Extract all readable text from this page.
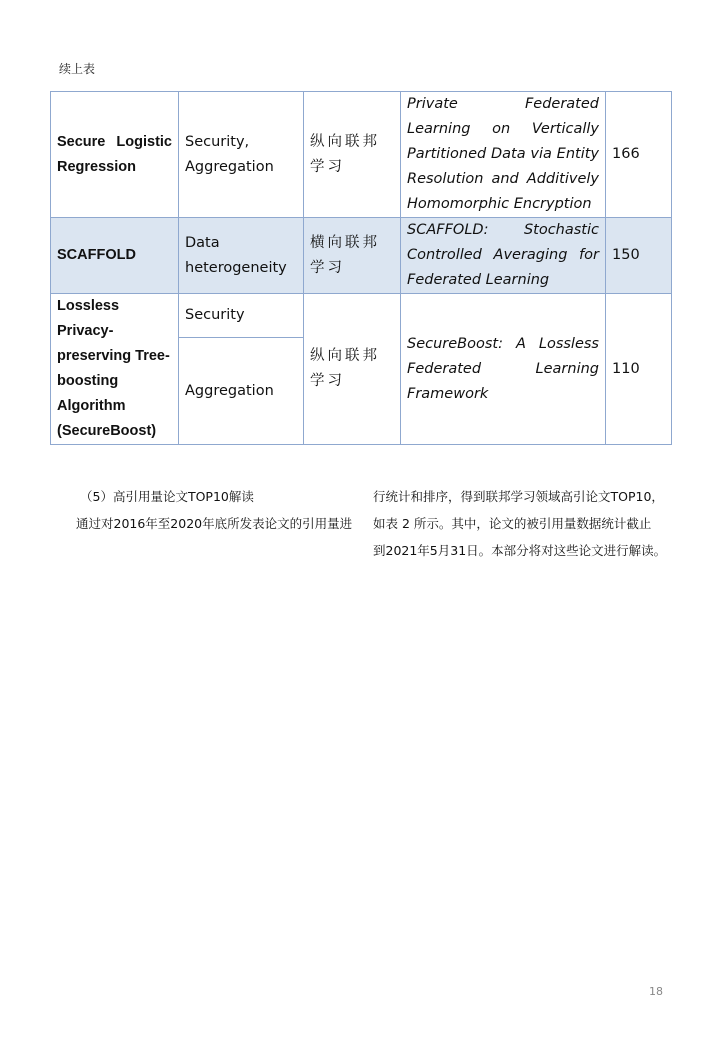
续上表
Secure Logistic Regression	Security, Aggregation	纵向联邦学习	Private Federated Learning on Vertically Partitioned Data via Entity Resolution and Additively Homomorphic Encryption	166
SCAFFOLD	Data heterogeneity	横向联邦学习	SCAFFOLD: Stochastic Controlled Averaging for Federated Learning	150
Lossless Privacy-preserving Tree-boosting Algorithm (SecureBoost)	Security	纵向联邦学习	SecureBoost: A Lossless Federated Learning Framework	110
	Aggregation			
（5）高引用量论文TOP10解读
通过对2016年至2020年底所发表论文的引用量进
行统计和排序，得到联邦学习领域高引论文TOP10，
如表 2 所示。其中，论文的被引用量数据统计截止
到2021年5月31日。本部分将对这些论文进行解读。
18
